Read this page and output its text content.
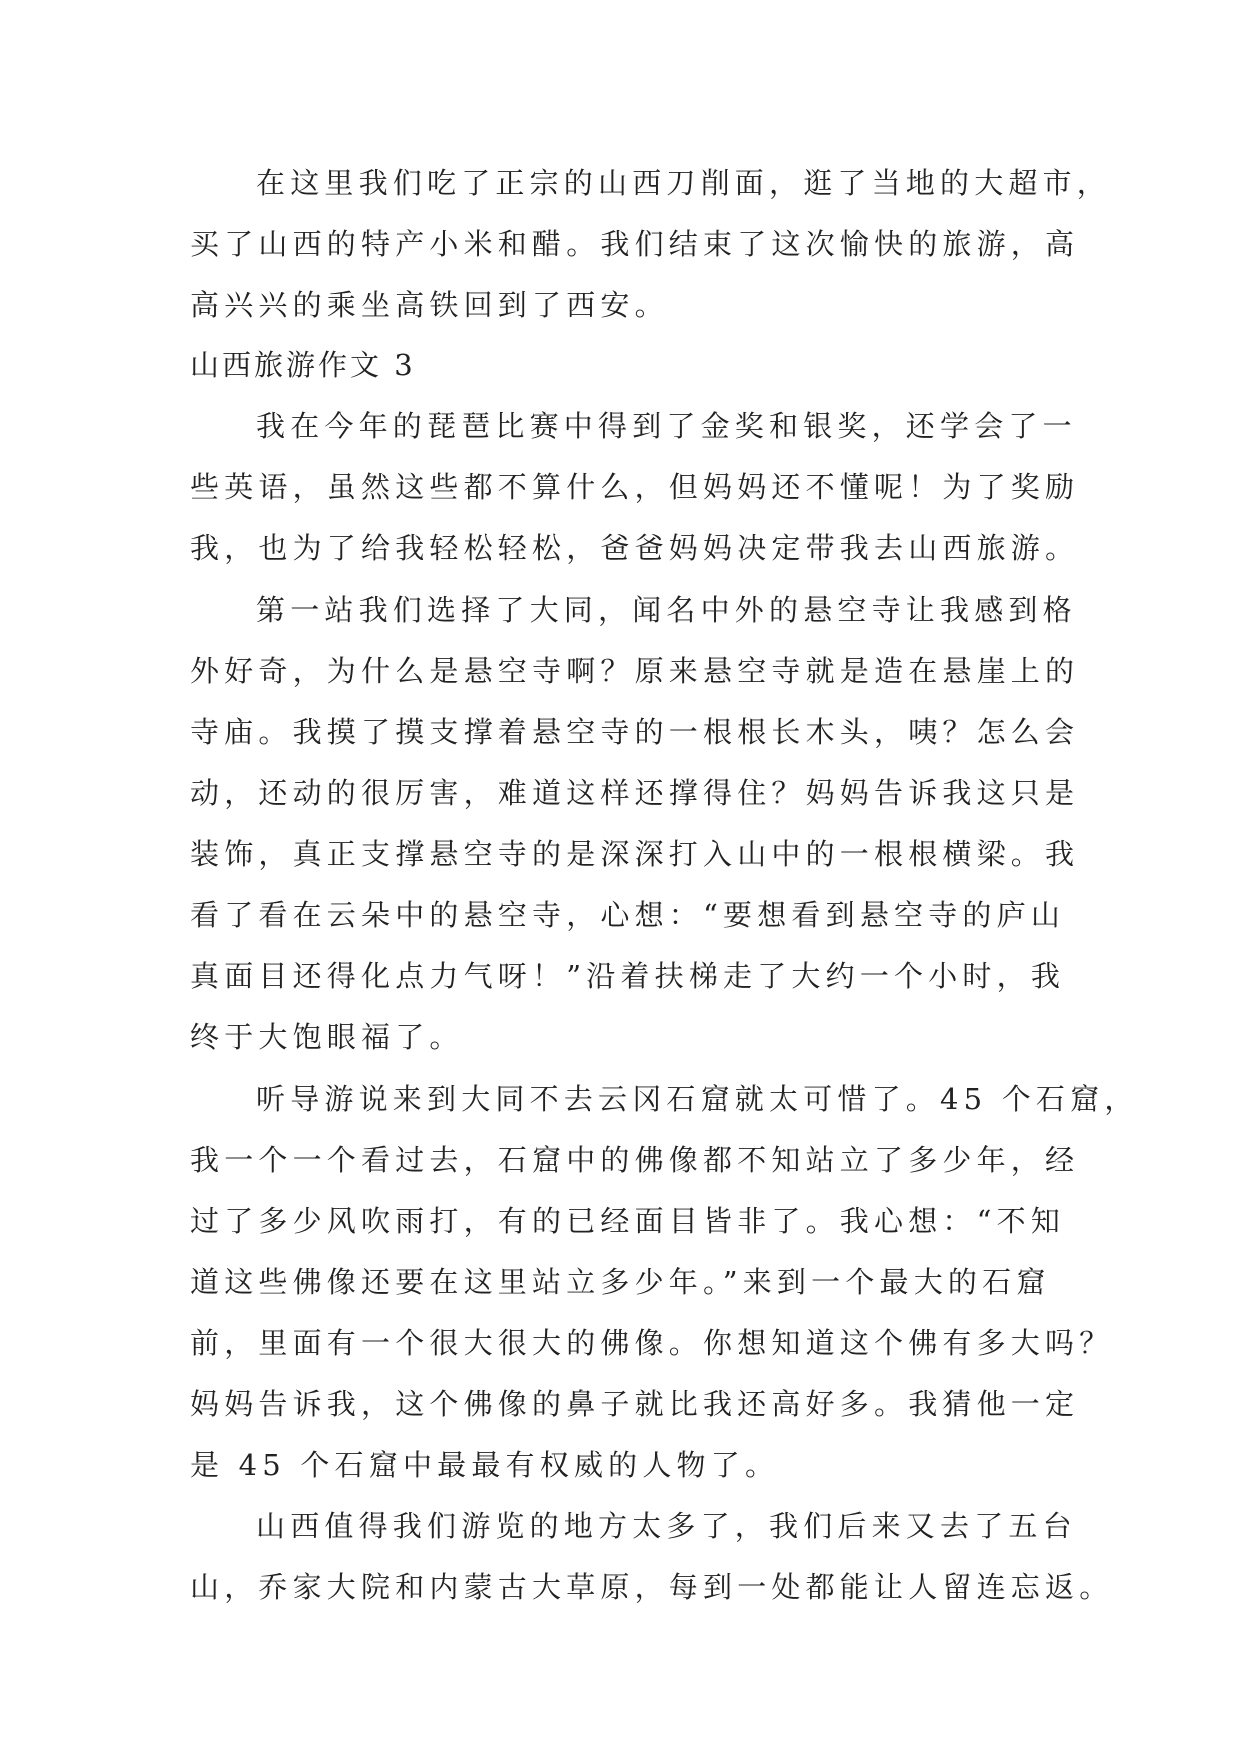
在这里我们吃了正宗的山西刀削面，逛了当地的大超市，
买了山西的特产小米和醋。我们结束了这次愉快的旅游，高
高兴兴的乘坐高铁回到了西安。
山西旅游作文 3
我在今年的琵琶比赛中得到了金奖和银奖，还学会了一
些英语，虽然这些都不算什么，但妈妈还不懂呢！为了奖励
我，也为了给我轻松轻松，爸爸妈妈决定带我去山西旅游。
第一站我们选择了大同，闻名中外的悬空寺让我感到格
外好奇，为什么是悬空寺啊？原来悬空寺就是造在悬崖上的
寺庙。我摸了摸支撑着悬空寺的一根根长木头，咦？怎么会
动，还动的很厉害，难道这样还撑得住？妈妈告诉我这只是
装饰，真正支撑悬空寺的是深深打入山中的一根根横梁。我
看了看在云朵中的悬空寺，心想：“要想看到悬空寺的庐山
真面目还得化点力气呀！”沿着扶梯走了大约一个小时，我
终于大饱眼福了。
听导游说来到大同不去云冈石窟就太可惜了。45 个石窟，
我一个一个看过去，石窟中的佛像都不知站立了多少年，经
过了多少风吹雨打，有的已经面目皆非了。我心想：“不知
道这些佛像还要在这里站立多少年。”来到一个最大的石窟
前，里面有一个很大很大的佛像。你想知道这个佛有多大吗？
妈妈告诉我，这个佛像的鼻子就比我还高好多。我猜他一定
是 45 个石窟中最最有权威的人物了。
山西值得我们游览的地方太多了，我们后来又去了五台
山，乔家大院和内蒙古大草原，每到一处都能让人留连忘返。
